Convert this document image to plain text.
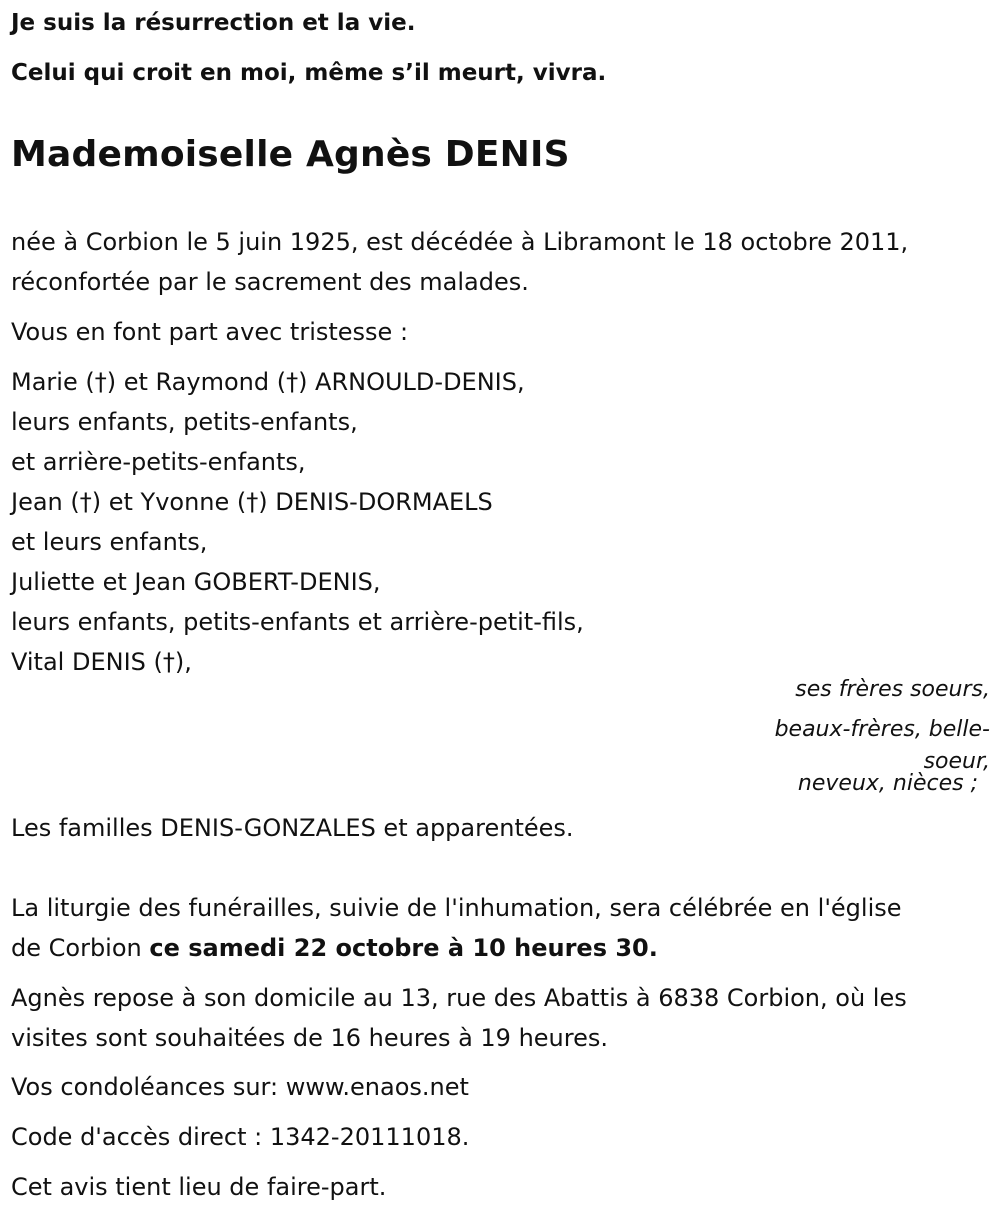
Je suis la résurrection et la vie.
Celui qui croit en moi, même s’il meurt, vivra.
Mademoiselle Agnès DENIS
née à Corbion le 5 juin 1925, est décédée à Libramont le 18 octobre 2011,
réconfortée par le sacrement des malades.
Vous en font part avec tristesse :
Marie (†) et Raymond (†) ARNOULD-DENIS,
leurs enfants, petits-enfants,
et arrière-petits-enfants,
Jean (†) et Yvonne (†) DENIS-DORMAELS
et leurs enfants,
Juliette et Jean GOBERT-DENIS,
leurs enfants, petits-enfants et arrière-petit-fils,
Vital DENIS (†),
ses frères soeurs,
beaux-frères, belle-
soeur,
neveux, nièces ;
Les familles DENIS-GONZALES et apparentées.
La liturgie des funérailles, suivie de l'inhumation, sera célébrée en l'église
de Corbion ce samedi 22 octobre à 10 heures 30.
Agnès repose à son domicile au 13, rue des Abattis à 6838 Corbion, où les
visites sont souhaitées de 16 heures à 19 heures.
Vos condoléances sur: www.enaos.net
Code d'accès direct : 1342-20111018.
Cet avis tient lieu de faire-part.
